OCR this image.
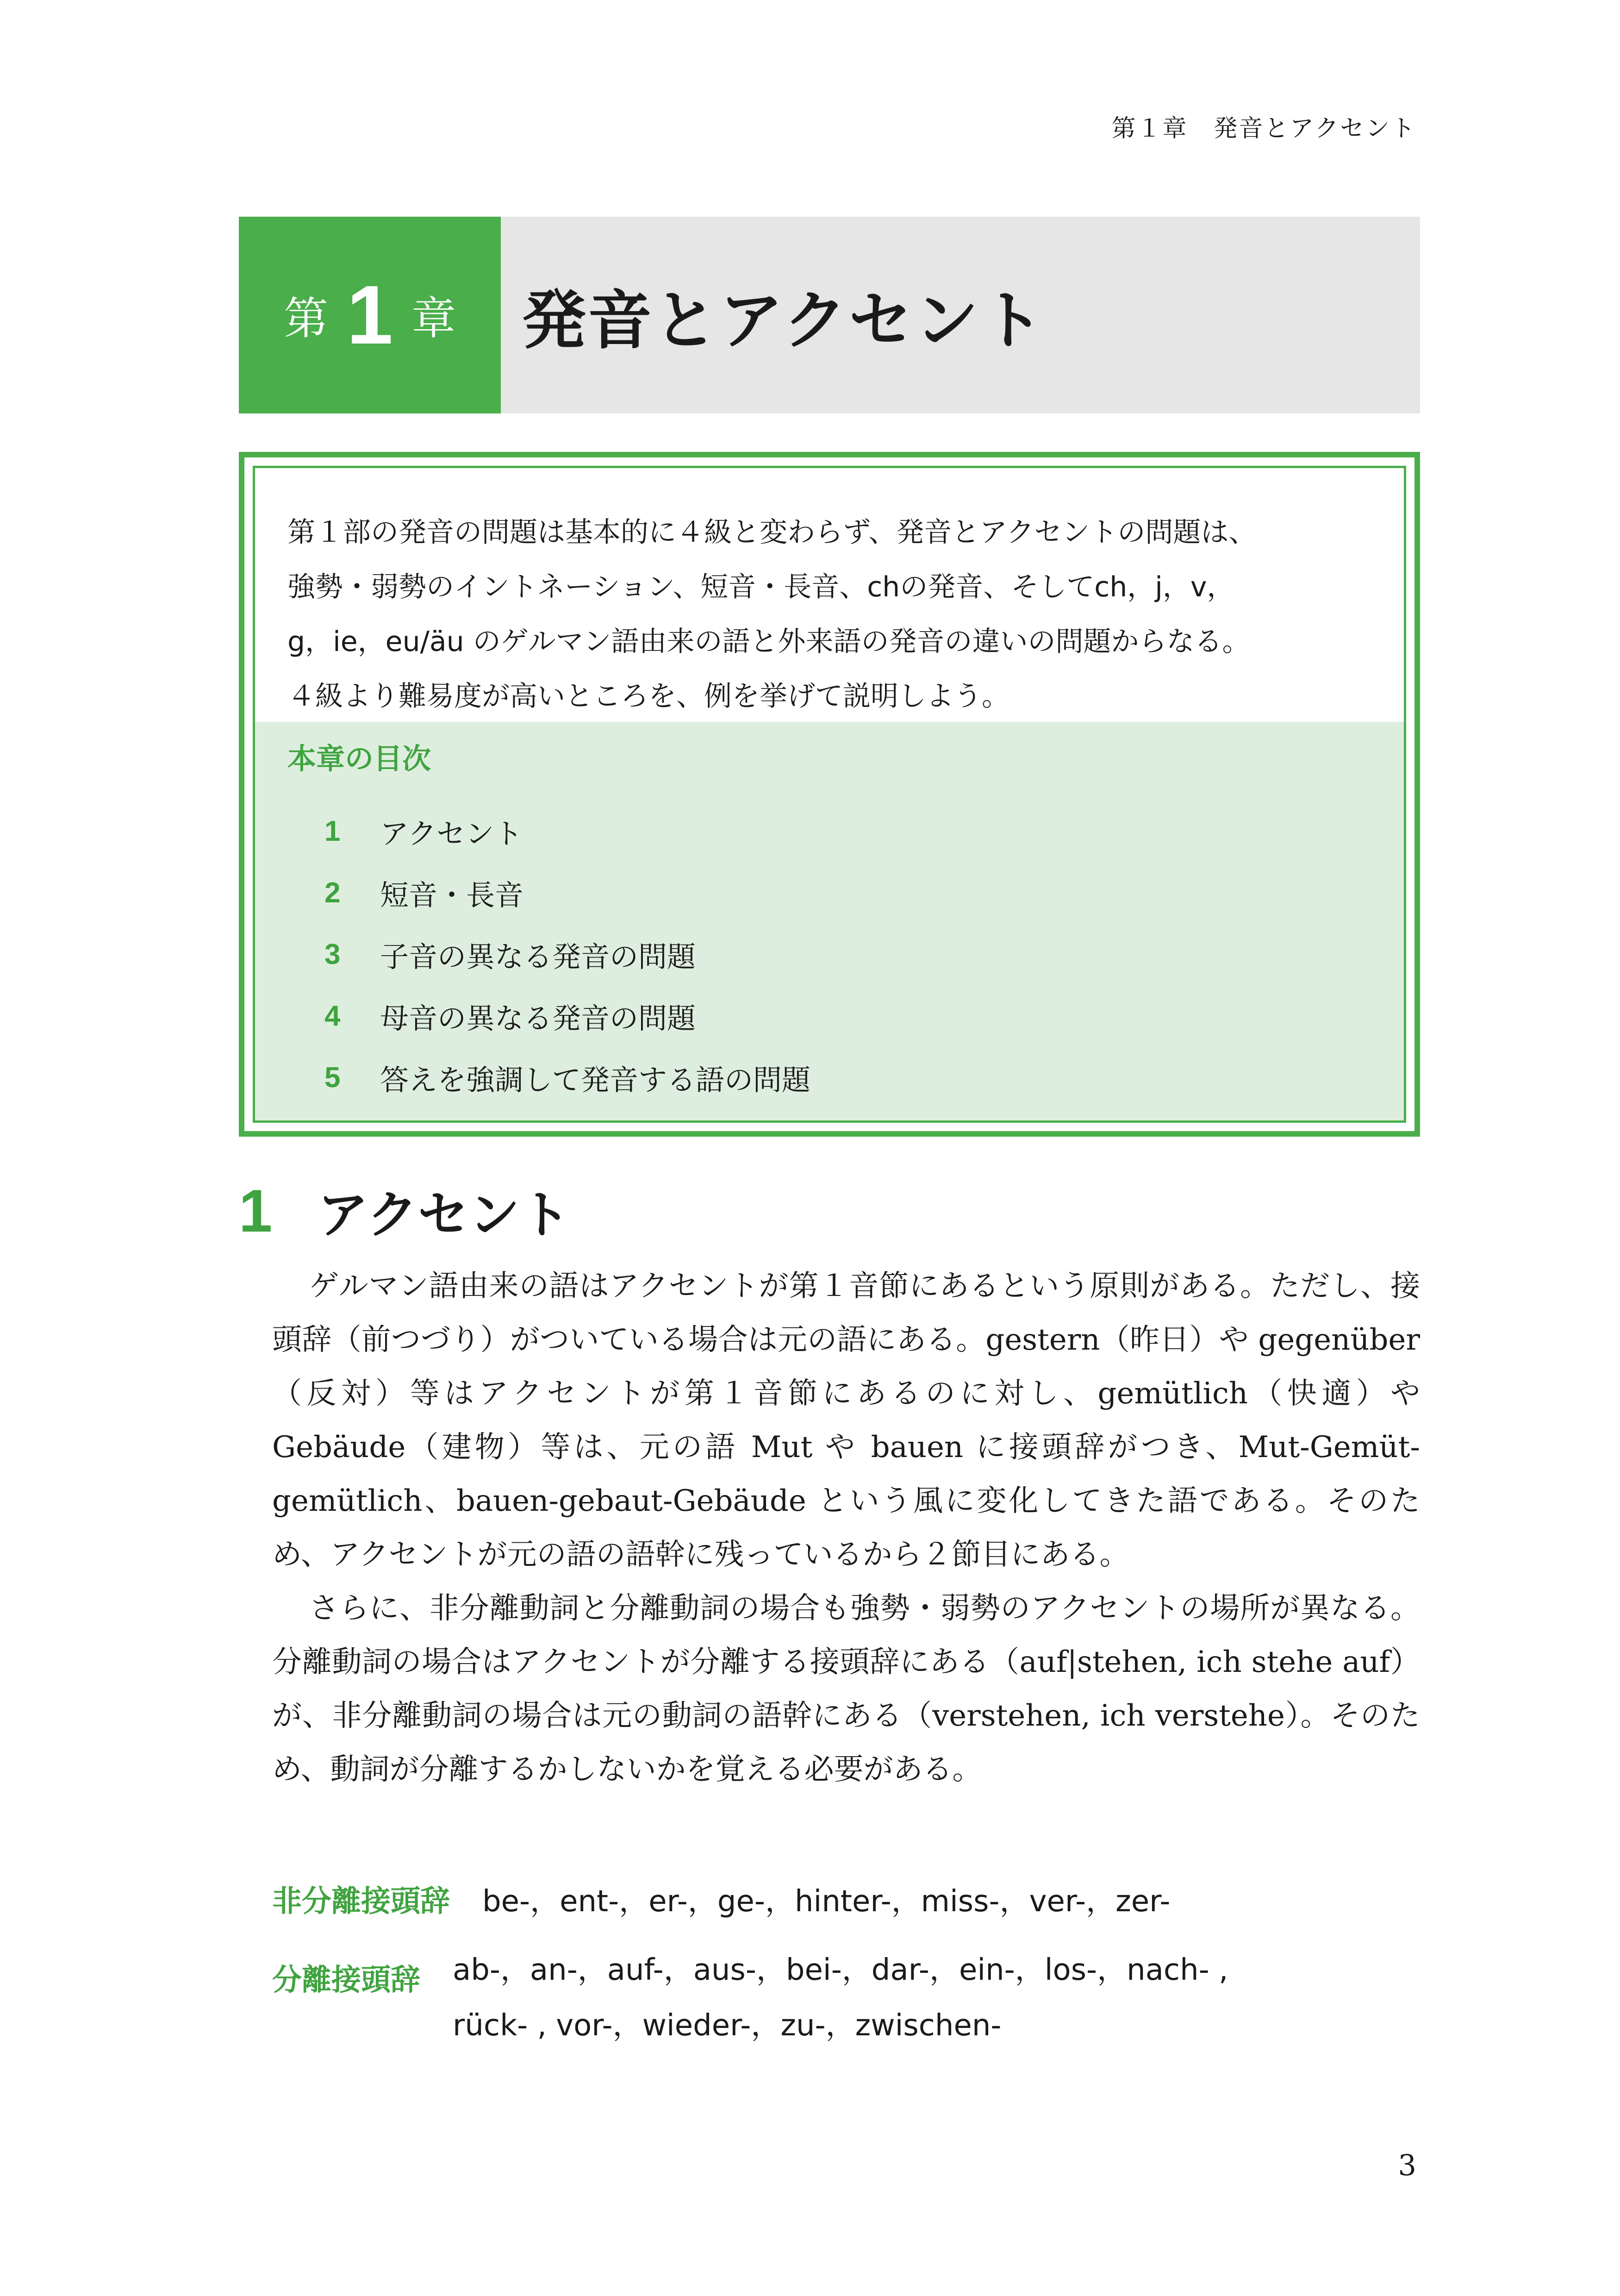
第１章　発音とアクセント
第 1 章 発音とアクセント
第１部の発音の問題は基本的に４級と変わらず、発音とアクセントの問題は、
強勢・弱勢のイントネーション、短音・長音、chの発音、そしてch，j，v，
g，ie，eu/äu のゲルマン語由来の語と外来語の発音の違いの問題からなる。
４級より難易度が高いところを、例を挙げて説明しよう。
本章の目次
1	アクセント
2	短音・長音
3	子音の異なる発音の問題
4	母音の異なる発音の問題
5	答えを強調して発音する語の問題
1 アクセント

ゲルマン語由来の語はアクセントが第１音節にあるという原則がある。ただし、接頭辞（前つづり）がついている場合は元の語にある。gestern（昨日）や gegenüber（反対）等はアクセントが第１音節にあるのに対し、gemütlich（快適）や Gebäude（建物）等は、元の語 Mut や bauen に接頭辞がつき、Mut-Gemüt-gemütlich、bauen-gebaut-Gebäude という風に変化してきた語である。そのため、アクセントが元の語の語幹に残っているから２節目にある。

さらに、非分離動詞と分離動詞の場合も強勢・弱勢のアクセントの場所が異なる。分離動詞の場合はアクセントが分離する接頭辞にある（auf|stehen, ich stehe auf）が、非分離動詞の場合は元の動詞の語幹にある（verstehen, ich verstehe）。そのため、動詞が分離するかしないかを覚える必要がある。

非分離接頭辞 be-，ent-，er-，ge-，hinter-，miss-，ver-，zer-
分離接頭辞 ab-，an-，auf-，aus-，bei-，dar-，ein-，los-，nach- ,
rück- , vor-，wieder-，zu-，zwischen-
3
